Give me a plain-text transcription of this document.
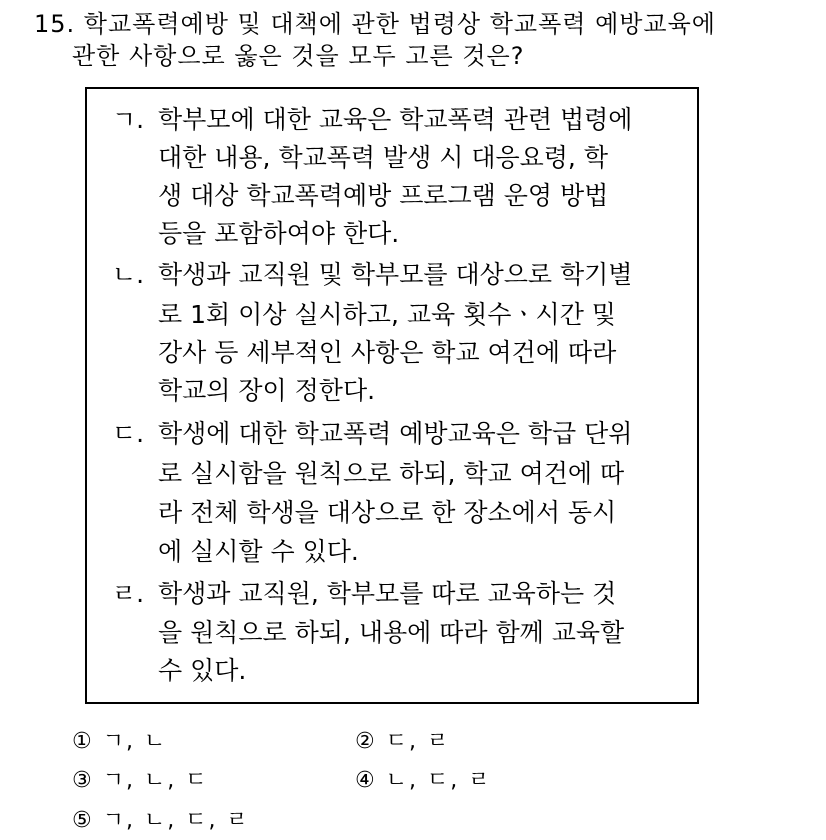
15. 학교폭력예방 및 대책에 관한 법령상 학교폭력 예방교육에
관한 사항으로 옳은 것을 모두 고른 것은?
ㄱ. 학부모에 대한 교육은 학교폭력 관련 법령에
대한 내용, 학교폭력 발생 시 대응요령, 학
생 대상 학교폭력예방 프로그램 운영 방법
등을 포함하여야 한다.
ㄴ. 학생과 교직원 및 학부모를 대상으로 학기별
로 1회 이상 실시하고, 교육 횟수ㆍ시간 및
강사 등 세부적인 사항은 학교 여건에 따라
학교의 장이 정한다.
ㄷ. 학생에 대한 학교폭력 예방교육은 학급 단위
로 실시함을 원칙으로 하되, 학교 여건에 따
라 전체 학생을 대상으로 한 장소에서 동시
에 실시할 수 있다.
ㄹ. 학생과 교직원, 학부모를 따로 교육하는 것
을 원칙으로 하되, 내용에 따라 함께 교육할
수 있다.
① ㄱ, ㄴ	② ㄷ, ㄹ
③ ㄱ, ㄴ, ㄷ	④ ㄴ, ㄷ, ㄹ
⑤ ㄱ, ㄴ, ㄷ, ㄹ
